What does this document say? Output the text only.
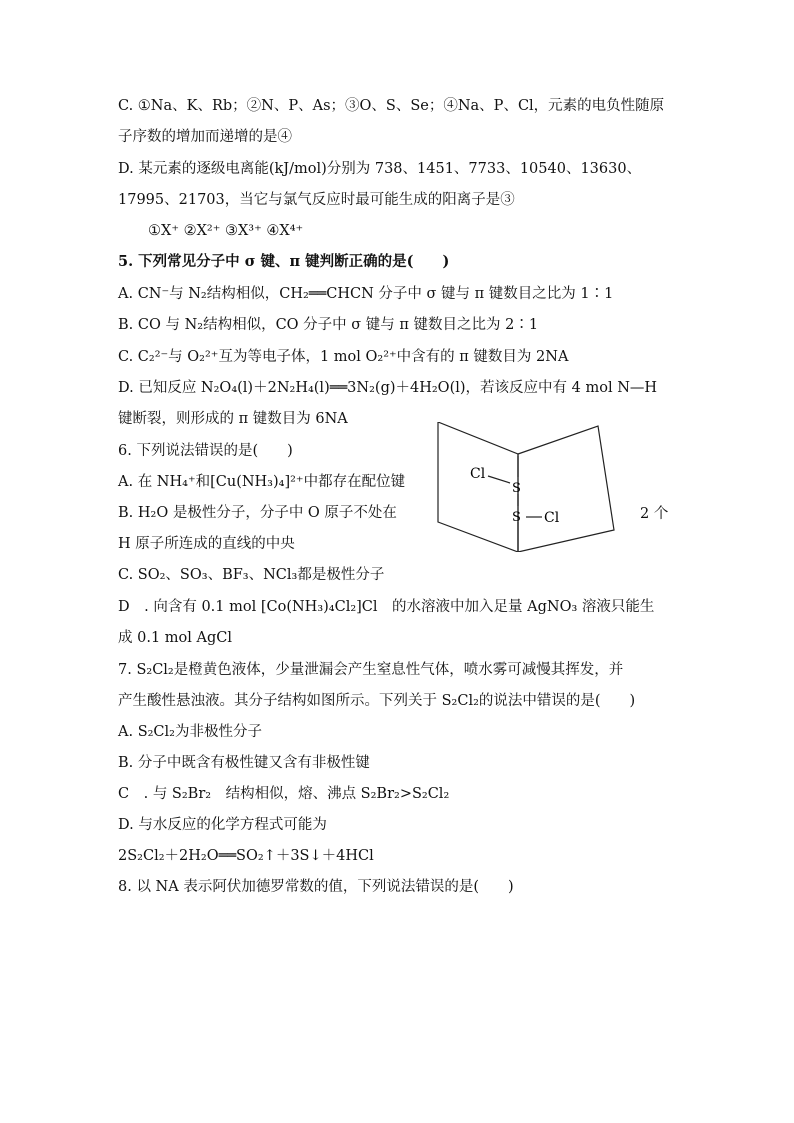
C. ①Na、K、Rb；②N、P、As；③O、S、Se；④Na、P、Cl，元素的电负性随原
子序数的增加而递增的是④
D. 某元素的逐级电离能(kJ/mol)分别为 738、1451、7733、10540、13630、
17995、21703，当它与氯气反应时最可能生成的阳离子是③
①X⁺ ②X²⁺ ③X³⁺ ④X⁴⁺
5. 下列常见分子中 σ 键、π 键判断正确的是(　　)
A. CN⁻与 N₂结构相似，CH₂══CHCN 分子中 σ 键与 π 键数目之比为 1∶1
B. CO 与 N₂结构相似，CO 分子中 σ 键与 π 键数目之比为 2∶1
C. C₂²⁻与 O₂²⁺互为等电子体，1 mol O₂²⁺中含有的 π 键数目为 2NA
D. 已知反应 N₂O₄(l)＋2N₂H₄(l)══3N₂(g)＋4H₂O(l)，若该反应中有 4 mol N—H
键断裂，则形成的 π 键数目为 6NA
6. 下列说法错误的是(　　)
A. 在 NH₄⁺和[Cu(NH₃)₄]²⁺中都存在配位键
B. H₂O 是极性分子，分子中 O 原子不处在
H 原子所连成的直线的中央
C. SO₂、SO₃、BF₃、NCl₃都是极性分子
D　. 向含有 0.1 mol [Co(NH₃)₄Cl₂]Cl　的水溶液中加入足量 AgNO₃ 溶液只能生
成 0.1 mol AgCl
7. S₂Cl₂是橙黄色液体，少量泄漏会产生窒息性气体，喷水雾可减慢其挥发，并
产生酸性悬浊液。其分子结构如图所示。下列关于 S₂Cl₂的说法中错误的是(　　)
A. S₂Cl₂为非极性分子
B. 分子中既含有极性键又含有非极性键
C　. 与 S₂Br₂　结构相似，熔、沸点 S₂Br₂>S₂Cl₂
D. 与水反应的化学方程式可能为
2S₂Cl₂＋2H₂O══SO₂↑＋3S↓＋4HCl
8. 以 NA 表示阿伏加德罗常数的值，下列说法错误的是(　　)
2 个
Cl
S
S Cl
